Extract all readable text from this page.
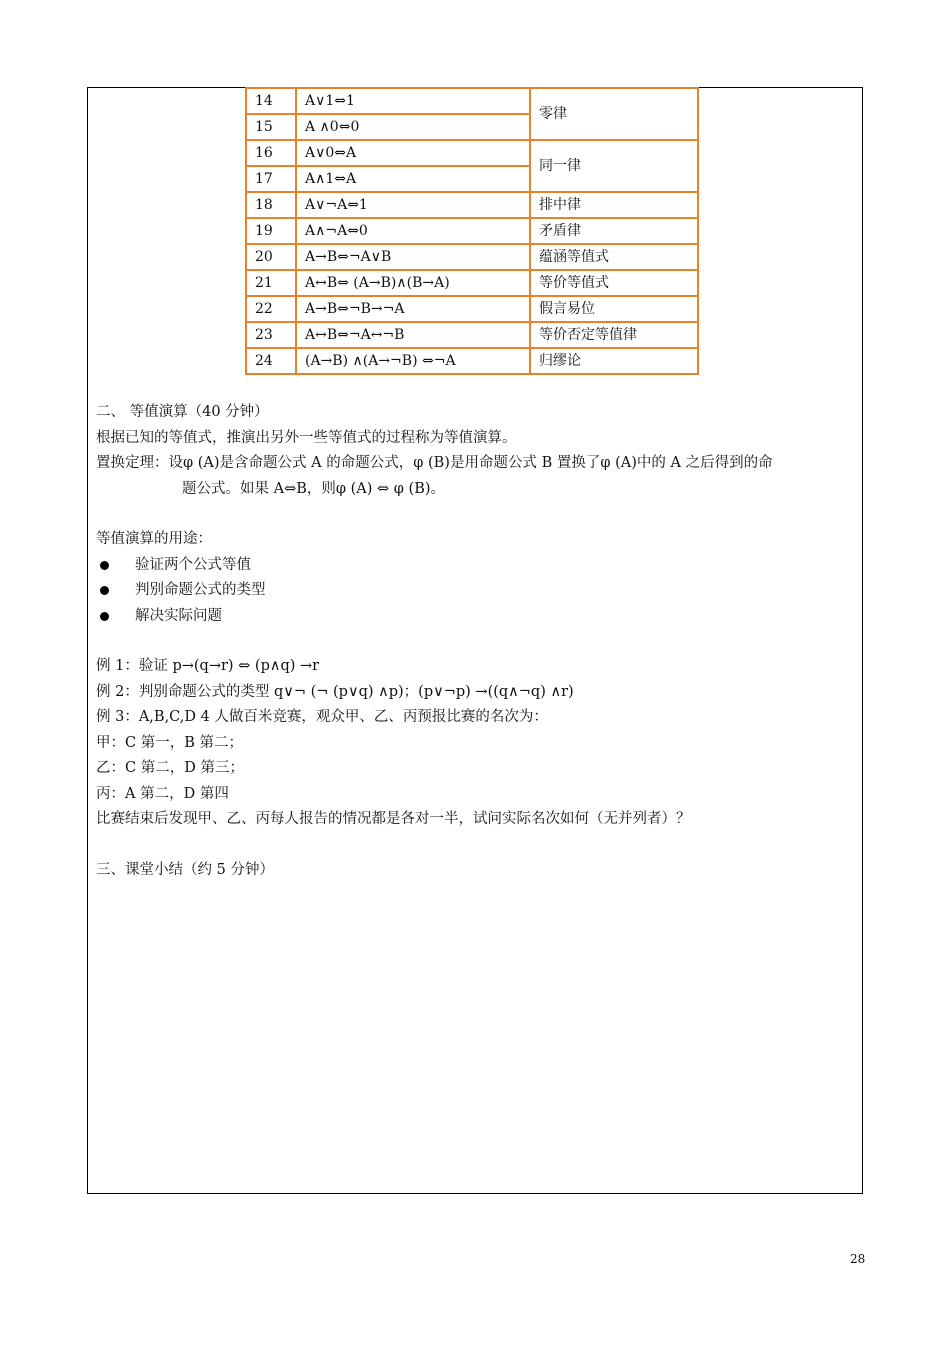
14	A∨1⇔1	零律
15	A ∧0⇔0	
16	A∨0⇔A	同一律
17	A∧1⇔A	
18	A∨¬A⇔1	排中律
19	A∧¬A⇔0	矛盾律
20	A→B⇔¬A∨B	蕴涵等值式
21	A↔B⇔ (A→B)∧(B→A)	等价等值式
22	A→B⇔¬B→¬A	假言易位
23	A↔B⇔¬A↔¬B	等价否定等值律
24	(A→B) ∧(A→¬B) ⇔¬A	归缪论
二、 等值演算（40 分钟）
根据已知的等值式，推演出另外一些等值式的过程称为等值演算。
置换定理：设φ (A)是含命题公式 A 的命题公式，φ (B)是用命题公式 B 置换了φ (A)中的 A 之后得到的命
题公式。如果 A⇔B，则φ (A) ⇔ φ (B)。
等值演算的用途：
验证两个公式等值
判别命题公式的类型
解决实际问题
例 1：验证 p→(q→r) ⇔ (p∧q) →r
例 2：判别命题公式的类型 q∨¬ (¬ (p∨q) ∧p)；(p∨¬p) →((q∧¬q) ∧r)
例 3：A,B,C,D 4 人做百米竞赛，观众甲、乙、丙预报比赛的名次为：
甲：C 第一，B 第二；
乙：C 第二，D 第三；
丙：A 第二，D 第四
比赛结束后发现甲、乙、丙每人报告的情况都是各对一半，试问实际名次如何（无并列者）？
三、课堂小结（约 5 分钟）
28
